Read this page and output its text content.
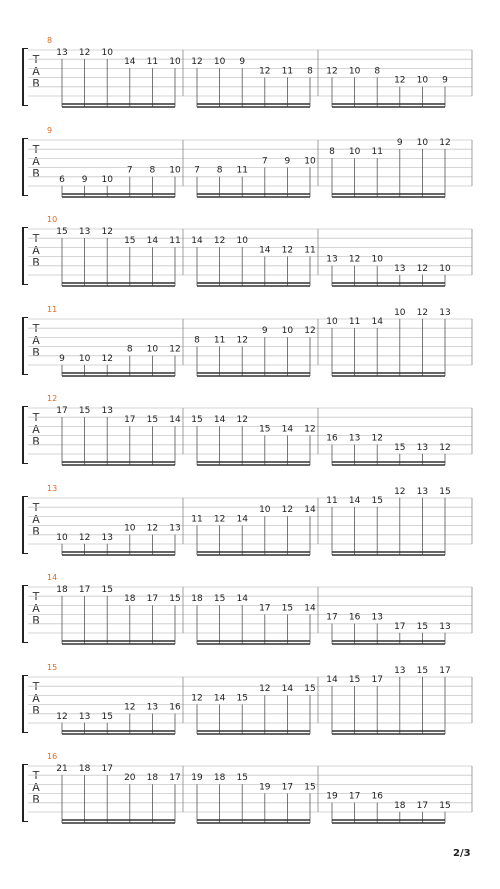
T
A
B
8
13 12 10
14 11 10 12 10 9
12 11 8 12 10 8
12 10 9
T
A
B
9
6 9 10
7 8 10 7 8 11
7 9 10
8 10 11
9 10 12
T
A
B
10
15 13 12
15 14 11 14 12 10
14 12 11
13 12 10
13 12 10
T
A
B
11
9 10 12
8 10 12
8 11 12
9 10 12
10 11 14
10 12 13
T
A
B
12
17 15 13
17 15 14 15 14 12
15 14 12
16 13 12
15 13 12
T
A
B
13
10 12 13
10 12 13
11 12 14
10 12 14
11 14 15
12 13 15
T
A
B
14
18 17 15
18 17 15 18 15 14
17 15 14
17 16 13
17 15 13
T
A
B
15
12 13 15
12 13 16
12 14 15
12 14 15
14 15 17
13 15 17
T
A
B
16
21 18 17
20 18 17 19 18 15
19 17 15
19 17 16
18 17 15
2/3
